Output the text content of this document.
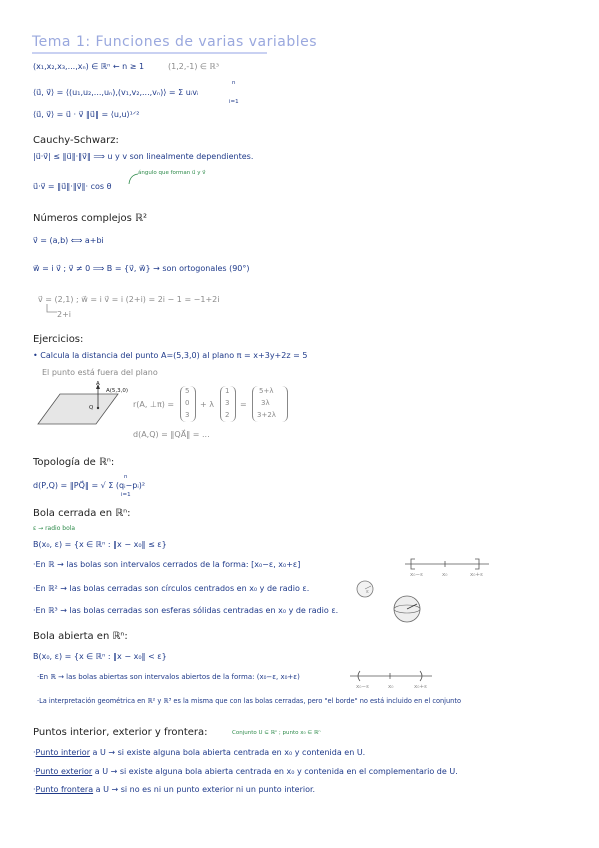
Tema 1: Funciones de varias variables
(x₁,x₂,x₃,...,xₙ) ∈ ℝⁿ ← n ≥ 1	(1,2,-1) ∈ ℝ³
⟨u⃗, v⃗⟩ = ⟨(u₁,u₂,...,uₙ),(v₁,v₂,...,vₙ)⟩ = Σ uᵢvᵢ
n
i=1
⟨u⃗, v⃗⟩ = u⃗ · v⃗ ‖u⃗‖ = ⟨u,u⟩¹ᐟ²
Cauchy-Schwarz:
|u⃗·v⃗| ≤ ‖u⃗‖·‖v⃗‖ ⟹ u y v son linealmente dependientes.
ángulo que forman u⃗ y v⃗
u⃗·v⃗ = ‖u⃗‖·‖v⃗‖· cos θ
Números complejos ℝ²
v⃗ = (a,b) ⟺ a+bi
w⃗ = i v⃗ ; v⃗ ≠ 0 ⟹ B = {v⃗, w⃗} → son ortogonales (90°)
v⃗ = (2,1) ; w⃗ = i v⃗ = i (2+i) = 2i − 1 = −1+2i
2+i
Ejercicios:
• Calcula la distancia del punto A=(5,3,0) al plano π = x+3y+2z = 5
El punto está fuera del plano
A
A(5,3,0)
Q	r(A, ⊥π) =
5
0
3
+ λ
1
3
2
=
5+λ
3λ
3+2λ
d(A,Q) = ‖QA⃗‖ = ...
Topología de ℝⁿ:
d(P,Q) = ‖PQ⃗‖ = √ Σ (qᵢ−pᵢ)²
n
i=1
Bola cerrada en ℝⁿ:
ε → radio bola
B(x₀, ε) = {x ∈ ℝⁿ : ‖x − x₀‖ ≤ ε}
·En ℝ → las bolas son intervalos cerrados de la forma: [x₀−ε, x₀+ε]
x₀−ε	x₀	x₀+ε
·En ℝ² → las bolas cerradas son círculos centrados en x₀ y de radio ε.	ε
·En ℝ³ → las bolas cerradas son esferas sólidas centradas en x₀ y de radio ε.
Bola abierta en ℝⁿ:
B(x₀, ε) = {x ∈ ℝⁿ : ‖x − x₀‖ < ε}
·En ℝ → las bolas abiertas son intervalos abiertos de la forma: (x₀−ε, x₀+ε)
x₀−ε	x₀	x₀+ε
·La interpretación geométrica en ℝ² y ℝ³ es la misma que con las bolas cerradas, pero "el borde" no está incluido en el conjunto
Puntos interior, exterior y frontera:	Conjunto U ⊆ ℝⁿ ; punto x₀ ∈ ℝⁿ
·Punto interior a U → si existe alguna bola abierta centrada en x₀ y contenida en U.
·Punto exterior a U → si existe alguna bola abierta centrada en x₀ y contenida en el complementario de U.
·Punto frontera a U → si no es ni un punto exterior ni un punto interior.
